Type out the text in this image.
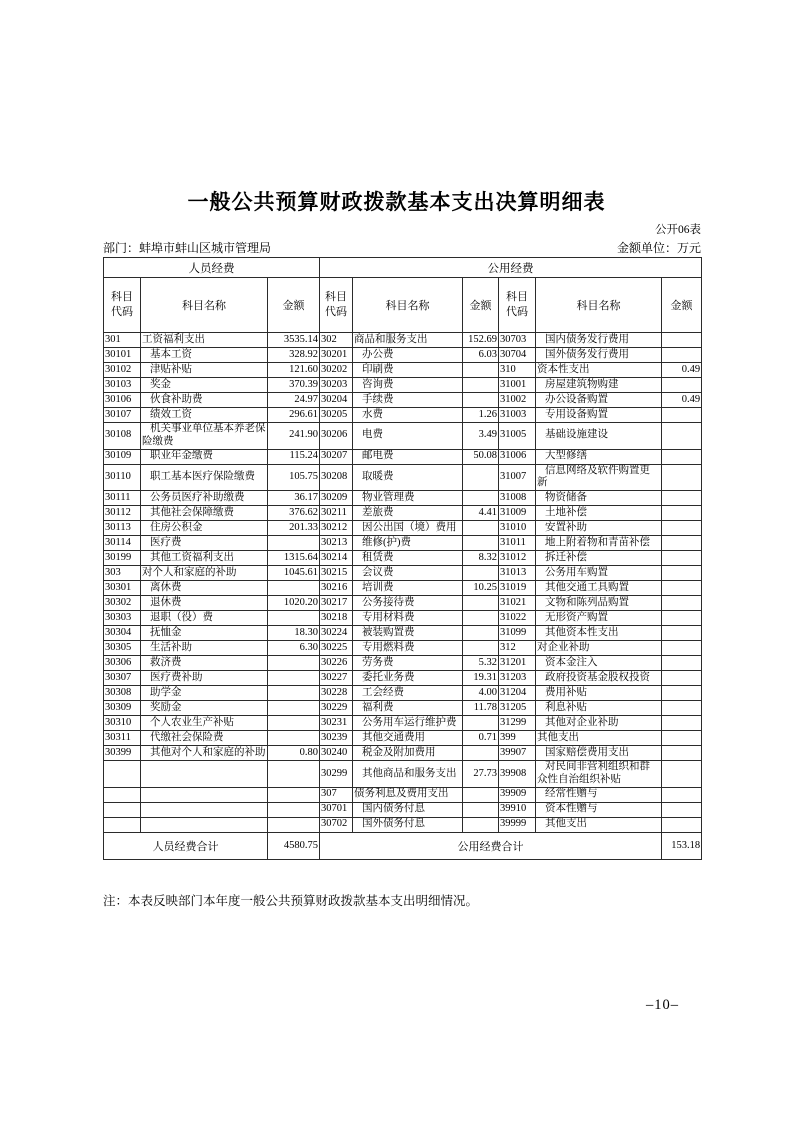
一般公共预算财政拨款基本支出决算明细表
公开06表
部门：蚌埠市蚌山区城市管理局	金额单位：万元
人员经费			公用经费					
科目代码	科目名称	金额	科目代码	科目名称	金额	科目代码	科目名称	金额
301	工资福利支出	3535.14	302	商品和服务支出	152.69	30703	国内债务发行费用	
30101	基本工资	328.92	30201	办公费	6.03	30704	国外债务发行费用	
30102	津贴补贴	121.60	30202	印刷费		310	资本性支出	0.49
30103	奖金	370.39	30203	咨询费		31001	房屋建筑物购建	
30106	伙食补助费	24.97	30204	手续费		31002	办公设备购置	0.49
30107	绩效工资	296.61	30205	水费	1.26	31003	专用设备购置	
30108	机关事业单位基本养老保险缴费	241.90	30206	电费	3.49	31005	基础设施建设	
30109	职业年金缴费	115.24	30207	邮电费	50.08	31006	大型修缮	
30110	职工基本医疗保险缴费	105.75	30208	取暖费		31007	信息网络及软件购置更新	
30111	公务员医疗补助缴费	36.17	30209	物业管理费		31008	物资储备	
30112	其他社会保障缴费	376.62	30211	差旅费	4.41	31009	土地补偿	
30113	住房公积金	201.33	30212	因公出国（境）费用		31010	安置补助	
30114	医疗费		30213	维修(护)费		31011	地上附着物和青苗补偿	
30199	其他工资福利支出	1315.64	30214	租赁费	8.32	31012	拆迁补偿	
303	对个人和家庭的补助	1045.61	30215	会议费		31013	公务用车购置	
30301	离休费		30216	培训费	10.25	31019	其他交通工具购置	
30302	退休费	1020.20	30217	公务接待费		31021	文物和陈列品购置	
30303	退职（役）费		30218	专用材料费		31022	无形资产购置	
30304	抚恤金	18.30	30224	被装购置费		31099	其他资本性支出	
30305	生活补助	6.30	30225	专用燃料费		312	对企业补助	
30306	救济费		30226	劳务费	5.32	31201	资本金注入	
30307	医疗费补助		30227	委托业务费	19.31	31203	政府投资基金股权投资	
30308	助学金		30228	工会经费	4.00	31204	费用补贴	
30309	奖励金		30229	福利费	11.78	31205	利息补贴	
30310	个人农业生产补贴		30231	公务用车运行维护费		31299	其他对企业补助	
30311	代缴社会保险费		30239	其他交通费用	0.71	399	其他支出	
30399	其他对个人和家庭的补助	0.80	30240	税金及附加费用		39907	国家赔偿费用支出	
			30299	其他商品和服务支出	27.73	39908	对民间非营利组织和群众性自治组织补贴	
			307	债务利息及费用支出		39909	经常性赠与	
			30701	国内债务付息		39910	资本性赠与	
			30702	国外债务付息		39999	其他支出	
人员经费合计		4580.75	公用经费合计					153.18
注：本表反映部门本年度一般公共预算财政拨款基本支出明细情况。
–10–
